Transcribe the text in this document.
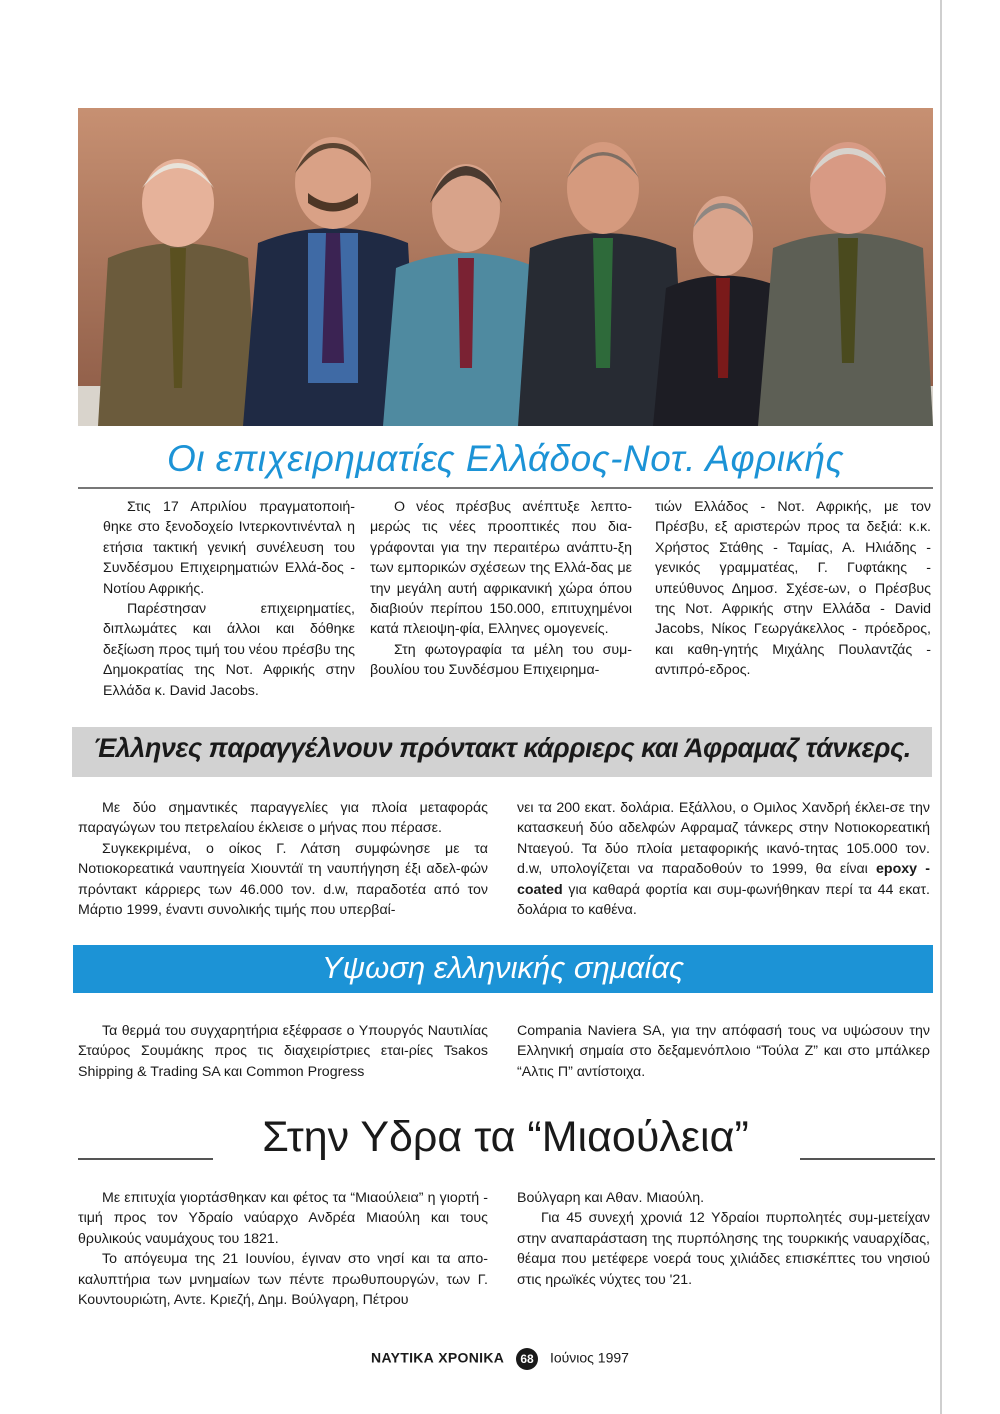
Οι επιχειρηματίες Ελλάδος-Νοτ. Αφρικής

Στις 17 Απριλίου πραγματοποιή-θηκε στο ξενοδοχείο Ιντερκοντινένταλ η ετήσια τακτική γενική συνέλευση του Συνδέσμου Επιχειρηματιών Ελλά-δος - Νοτίου Αφρικής.

Παρέστησαν επιχειρηματίες, διπλωμάτες και άλλοι και δόθηκε δεξίωση προς τιμή του νέου πρέσβυ της Δημοκρατίας της Νοτ. Αφρικής στην Ελλάδα κ. David Jacobs.

Ο νέος πρέσβυς ανέπτυξε λεπτο-μερώς τις νέες προοπτικές που δια-γράφονται για την περαιτέρω ανάπτυ-ξη των εμπορικών σχέσεων της Ελλά-δας με την μεγάλη αυτή αφρικανική χώρα όπου διαβιούν περίπου 150.000, επιτυχημένοι κατά πλειοψη-φία, Ελληνες ομογενείς.

Στη φωτογραφία τα μέλη του συμ-βουλίου του Συνδέσμου Επιχειρημα-

τιών Ελλάδος - Νοτ. Αφρικής, με τον Πρέσβυ, εξ αριστερών προς τα δεξιά: κ.κ. Χρήστος Στάθης - Ταμίας, Α. Ηλιάδης - γενικός γραμματέας, Γ. Γυφτάκης - υπεύθυνος Δημοσ. Σχέσε-ων, ο Πρέσβυς της Νοτ. Αφρικής στην Ελλάδα - David Jacobs, Νίκος Γεωργάκελλος - πρόεδρος, και καθη-γητής Μιχάλης Πουλαντζάς - αντιπρό-εδρος.

Έλληνες παραγγέλνουν πρόντακτ κάρριερς και Άφραμαζ τάνκερς.

Με δύο σημαντικές παραγγελίες για πλοία μεταφοράς παραγώγων του πετρελαίου έκλεισε ο μήνας που πέρασε.

Συγκεκριμένα, ο οίκος Γ. Λάτση συμφώνησε με τα Νοτιοκορεατικά ναυπηγεία Χιουντάϊ τη ναυπήγηση έξι αδελ-φών πρόντακτ κάρριερς των 46.000 τον. d.w, παραδοτέα από τον Μάρτιο 1999, έναντι συνολικής τιμής που υπερβαί-

νει τα 200 εκατ. δολάρια. Εξάλλου, ο Ομιλος Χανδρή έκλει-σε την κατασκευή δύο αδελφών Αφραμαζ τάνκερς στην Νοτιοκορεατική Νταεγού. Τα δύο πλοία μεταφορικής ικανό-τητας 105.000 τον. d.w, υπολογίζεται να παραδοθούν το 1999, θα είναι epoxy - coated για καθαρά φορτία και συμ-φωνήθηκαν περί τα 44 εκατ. δολάρια το καθένα.

Υψωση ελληνικής σημαίας

Τα θερμά του συγχαρητήρια εξέφρασε ο Υπουργός Ναυτιλίας Σταύρος Σουμάκης προς τις διαχειρίστριες εται-ρίες Tsakos Shipping & Trading SA και Common Progress

Compania Naviera SA, για την απόφασή τους να υψώσουν την Ελληνική σημαία στο δεξαμενόπλοιο “Τούλα Ζ” και στο μπάλκερ “Αλτις Π” αντίστοιχα.

Στην Υδρα τα “Μιαούλεια”

Με επιτυχία γιορτάσθηκαν και φέτος τα “Μιαούλεια” η γιορτή - τιμή προς τον Υδραίο ναύαρχο Ανδρέα Μιαούλη και τους θρυλικούς ναυμάχους του 1821.

Το απόγευμα της 21 Ιουνίου, έγιναν στο νησί και τα απο-καλυπτήρια των μνημαίων των πέντε πρωθυπουργών, των Γ. Κουντουριώτη, Αντε. Κριεζή, Δημ. Βούλγαρη, Πέτρου

Βούλγαρη και Αθαν. Μιαούλη.

Για 45 συνεχή χρονιά 12 Υδραίοι πυρπολητές συμ-μετείχαν στην αναπαράσταση της πυρπόλησης της τουρκικής ναυαρχίδας, θέαμα που μετέφερε νοερά τους χιλιάδες επισκέπτες του νησιού στις ηρωϊκές νύχτες του '21.

ΝΑΥΤΙΚΑ ΧΡΟΝΙΚΑ 68 Ιούνιος 1997
